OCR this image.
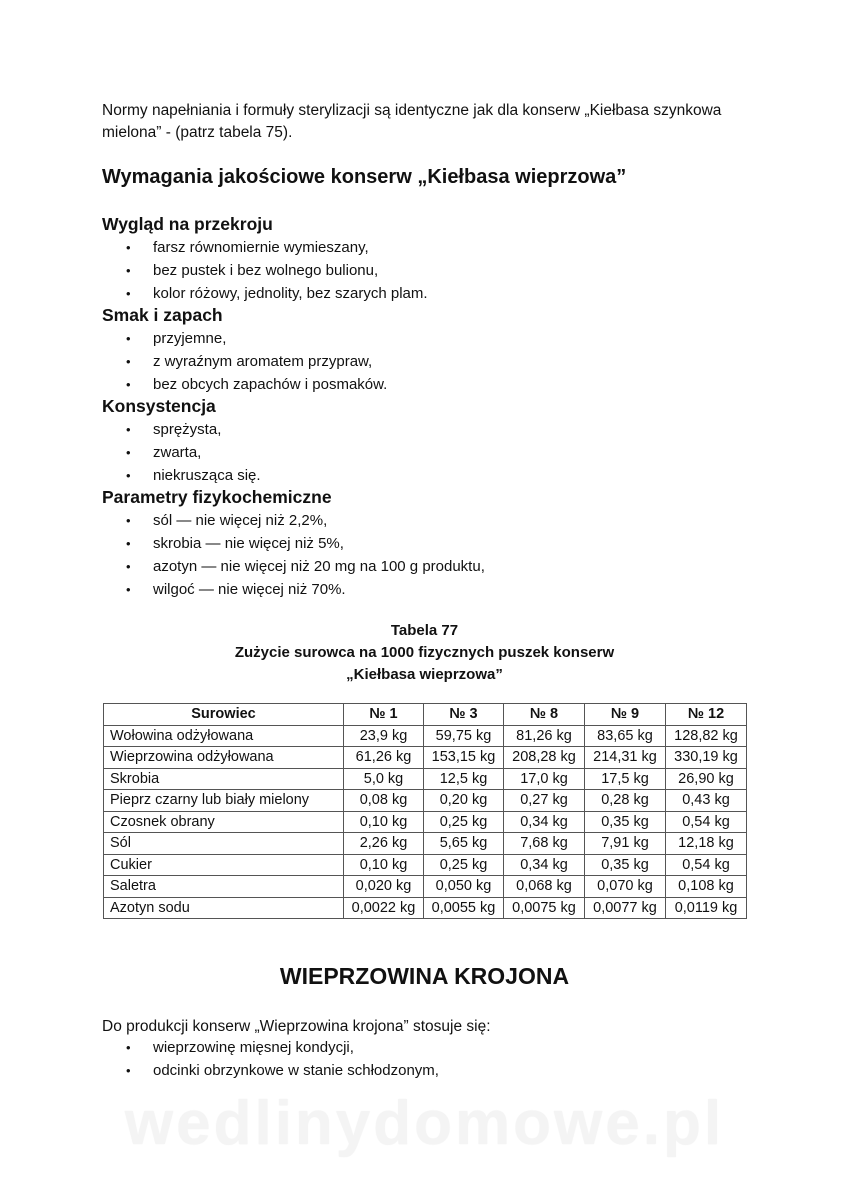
Normy napełniania i formuły sterylizacji są identyczne jak dla konserw „Kiełbasa szynkowa mielona” - (patrz tabela 75).

Wymagania jakościowe konserw „Kiełbasa wieprzowa”
Wygląd na przekroju
• farsz równomiernie wymieszany,
• bez pustek i bez wolnego bulionu,
• kolor różowy, jednolity, bez szarych plam.
Smak i zapach
• przyjemne,
• z wyraźnym aromatem przypraw,
• bez obcych zapachów i posmaków.
Konsystencja
• sprężysta,
• zwarta,
• niekrusząca się.
Parametry fizykochemiczne
• sól — nie więcej niż 2,2%,
• skrobia — nie więcej niż 5%,
• azotyn — nie więcej niż 20 mg na 100 g produktu,
• wilgoć — nie więcej niż 70%.

Tabela 77

Zużycie surowca na 1000 fizycznych puszek konserw

„Kiełbasa wieprzowa”

Surowiec	№ 1	№ 3	№ 8	№ 9	№ 12
Wołowina odżyłowana	23,9 kg	59,75 kg	81,26 kg	83,65 kg	128,82 kg
Wieprzowina odżyłowana	61,26 kg	153,15 kg	208,28 kg	214,31 kg	330,19 kg
Skrobia	5,0 kg	12,5 kg	17,0 kg	17,5 kg	26,90 kg
Pieprz czarny lub biały mielony	0,08 kg	0,20 kg	0,27 kg	0,28 kg	0,43 kg
Czosnek obrany	0,10 kg	0,25 kg	0,34 kg	0,35 kg	0,54 kg
Sól	2,26 kg	5,65 kg	7,68 kg	7,91 kg	12,18 kg
Cukier	0,10 kg	0,25 kg	0,34 kg	0,35 kg	0,54 kg
Saletra	0,020 kg	0,050 kg	0,068 kg	0,070 kg	0,108 kg
Azotyn sodu	0,0022 kg	0,0055 kg	0,0075 kg	0,0077 kg	0,0119 kg
WIEPRZOWINA KROJONA

Do produkcji konserw „Wieprzowina krojona” stosuje się:

• wieprzowinę mięsnej kondycji,
• odcinki obrzynkowe w stanie schłodzonym,
wedlinydomowe.pl
